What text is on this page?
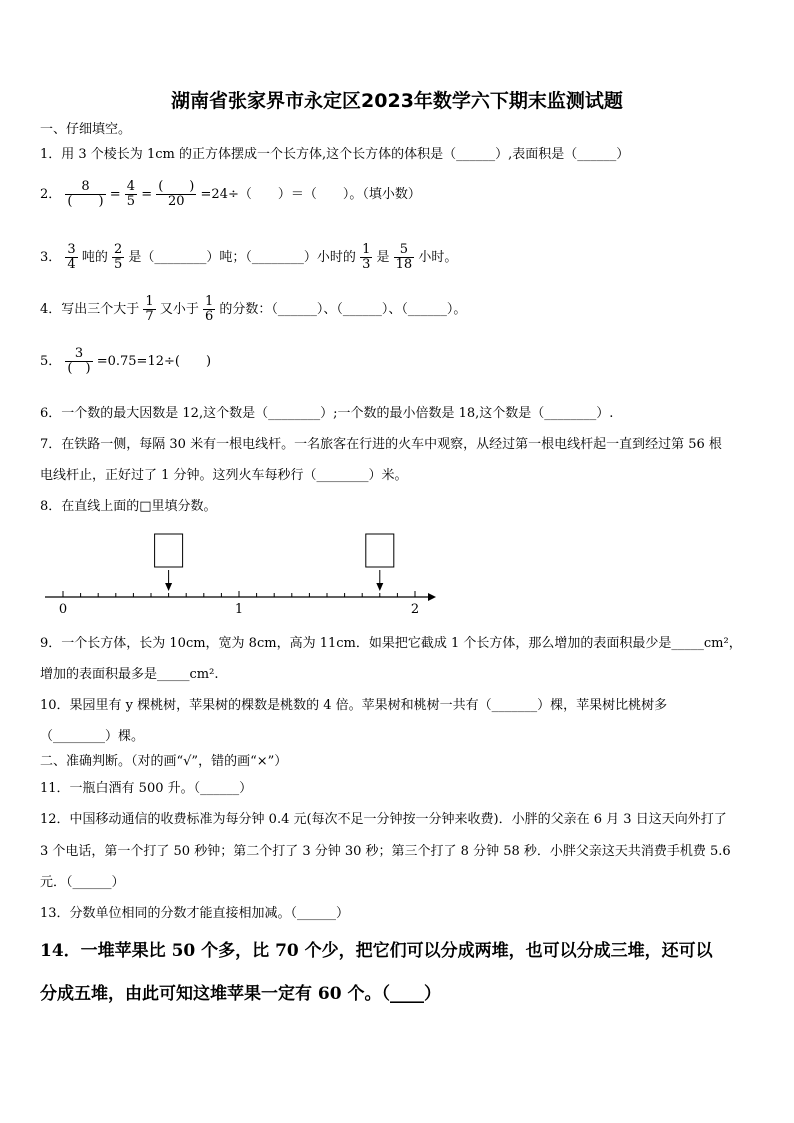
湖南省张家界市永定区2023年数学六下期末监测试题
一、仔细填空。
1．用 3 个棱长为 1cm 的正方体摆成一个长方体,这个长方体的体积是（______）,表面积是（______）
2． $\frac{8}{( )} = \frac{4}{5} = \frac{( )}{20} =24\div$（　　）＝（　　）。（填小数）
3． $\frac{3}{4}$ 吨的 $\frac{2}{5}$ 是（________）吨；（________）小时的 $\frac{1}{3}$ 是 $\frac{5}{18}$ 小时。
4．写出三个大于 $\frac{1}{7}$ 又小于 $\frac{1}{6}$ 的分数：（______）、（______）、（______）。
5． $\frac{3}{( )} =0.75=12\div$(　　)
6．一个数的最大因数是 12,这个数是（________）;一个数的最小倍数是 18,这个数是（________）.
7．在铁路一侧，每隔 30 米有一根电线杆。一名旅客在行进的火车中观察，从经过第一根电线杆起一直到经过第 56 根
电线杆止，正好过了 1 分钟。这列火车每秒行（________）米。
8．在直线上面的□里填分数。
0	1	2
9．一个长方体，长为 10cm，宽为 8cm，高为 11cm．如果把它截成 1 个长方体，那么增加的表面积最少是_____cm²，
增加的表面积最多是_____cm².
10．果园里有 y 棵桃树，苹果树的棵数是桃数的 4 倍。苹果树和桃树一共有（_______）棵，苹果树比桃树多
（________）棵。
二、准确判断。（对的画“√”，错的画“×”）
11．一瓶白酒有 500 升。（______）
12．中国移动通信的收费标准为每分钟 0.4 元(每次不足一分钟按一分钟来收费)．小胖的父亲在 6 月 3 日这天向外打了
3 个电话，第一个打了 50 秒钟；第二个打了 3 分钟 30 秒；第三个打了 8 分钟 58 秒．小胖父亲这天共消费手机费 5.6
元．（______）
13．分数单位相同的分数才能直接相加减。（______）
14．一堆苹果比 50 个多，比 70 个少，把它们可以分成两堆，也可以分成三堆，还可以
分成五堆，由此可知这堆苹果一定有 60 个。（____）
